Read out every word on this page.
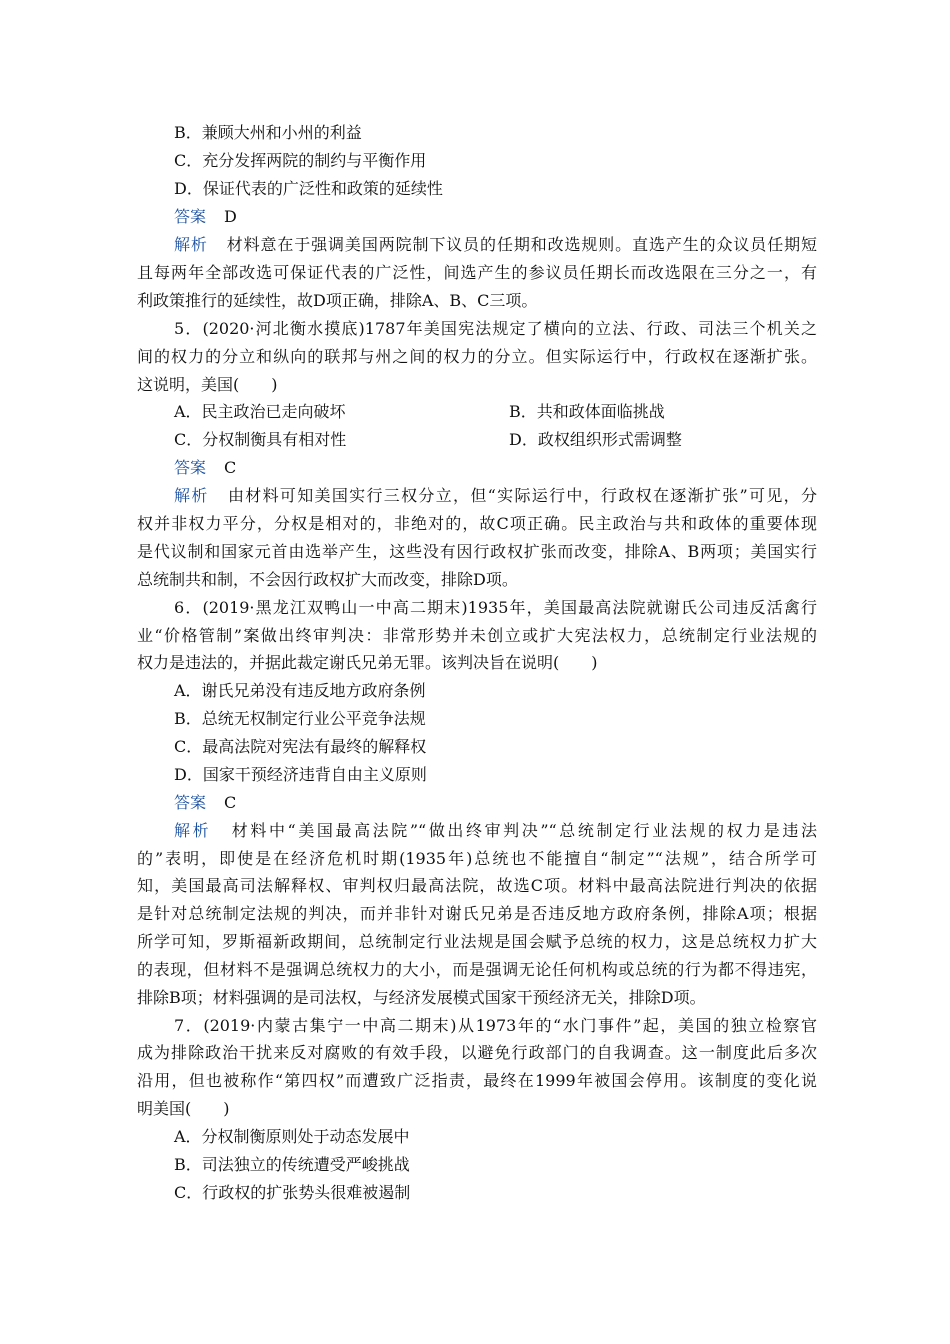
B．兼顾大州和小州的利益
C．充分发挥两院的制约与平衡作用
D．保证代表的广泛性和政策的延续性
答案 D
解析 材料意在于强调美国两院制下议员的任期和改选规则。直选产生的众议员任期短
且每两年全部改选可保证代表的广泛性，间选产生的参议员任期长而改选限在三分之一，有
利政策推行的延续性，故D项正确，排除A、B、C三项。
5．(2020·河北衡水摸底)1787年美国宪法规定了横向的立法、行政、司法三个机关之
间的权力的分立和纵向的联邦与州之间的权力的分立。但实际运行中，行政权在逐渐扩张。
这说明，美国(　　)
A．民主政治已走向破坏	B．共和政体面临挑战
C．分权制衡具有相对性	D．政权组织形式需调整
答案 C
解析 由材料可知美国实行三权分立，但“实际运行中，行政权在逐渐扩张”可见，分
权并非权力平分，分权是相对的，非绝对的，故C项正确。民主政治与共和政体的重要体现
是代议制和国家元首由选举产生，这些没有因行政权扩张而改变，排除A、B两项；美国实行
总统制共和制，不会因行政权扩大而改变，排除D项。
6．(2019·黑龙江双鸭山一中高二期末)1935年，美国最高法院就谢氏公司违反活禽行
业“价格管制”案做出终审判决：非常形势并未创立或扩大宪法权力，总统制定行业法规的
权力是违法的，并据此裁定谢氏兄弟无罪。该判决旨在说明(　　)
A．谢氏兄弟没有违反地方政府条例
B．总统无权制定行业公平竞争法规
C．最高法院对宪法有最终的解释权
D．国家干预经济违背自由主义原则
答案 C
解析 材料中“美国最高法院”“做出终审判决”“总统制定行业法规的权力是违法
的”表明，即使是在经济危机时期(1935年)总统也不能擅自“制定”“法规”，结合所学可
知，美国最高司法解释权、审判权归最高法院，故选C项。材料中最高法院进行判决的依据
是针对总统制定法规的判决，而并非针对谢氏兄弟是否违反地方政府条例，排除A项；根据
所学可知，罗斯福新政期间，总统制定行业法规是国会赋予总统的权力，这是总统权力扩大
的表现，但材料不是强调总统权力的大小，而是强调无论任何机构或总统的行为都不得违宪，
排除B项；材料强调的是司法权，与经济发展模式国家干预经济无关，排除D项。
7．(2019·内蒙古集宁一中高二期末)从1973年的“水门事件”起，美国的独立检察官
成为排除政治干扰来反对腐败的有效手段，以避免行政部门的自我调查。这一制度此后多次
沿用，但也被称作“第四权”而遭致广泛指责，最终在1999年被国会停用。该制度的变化说
明美国(　　)
A．分权制衡原则处于动态发展中
B．司法独立的传统遭受严峻挑战
C．行政权的扩张势头很难被遏制
